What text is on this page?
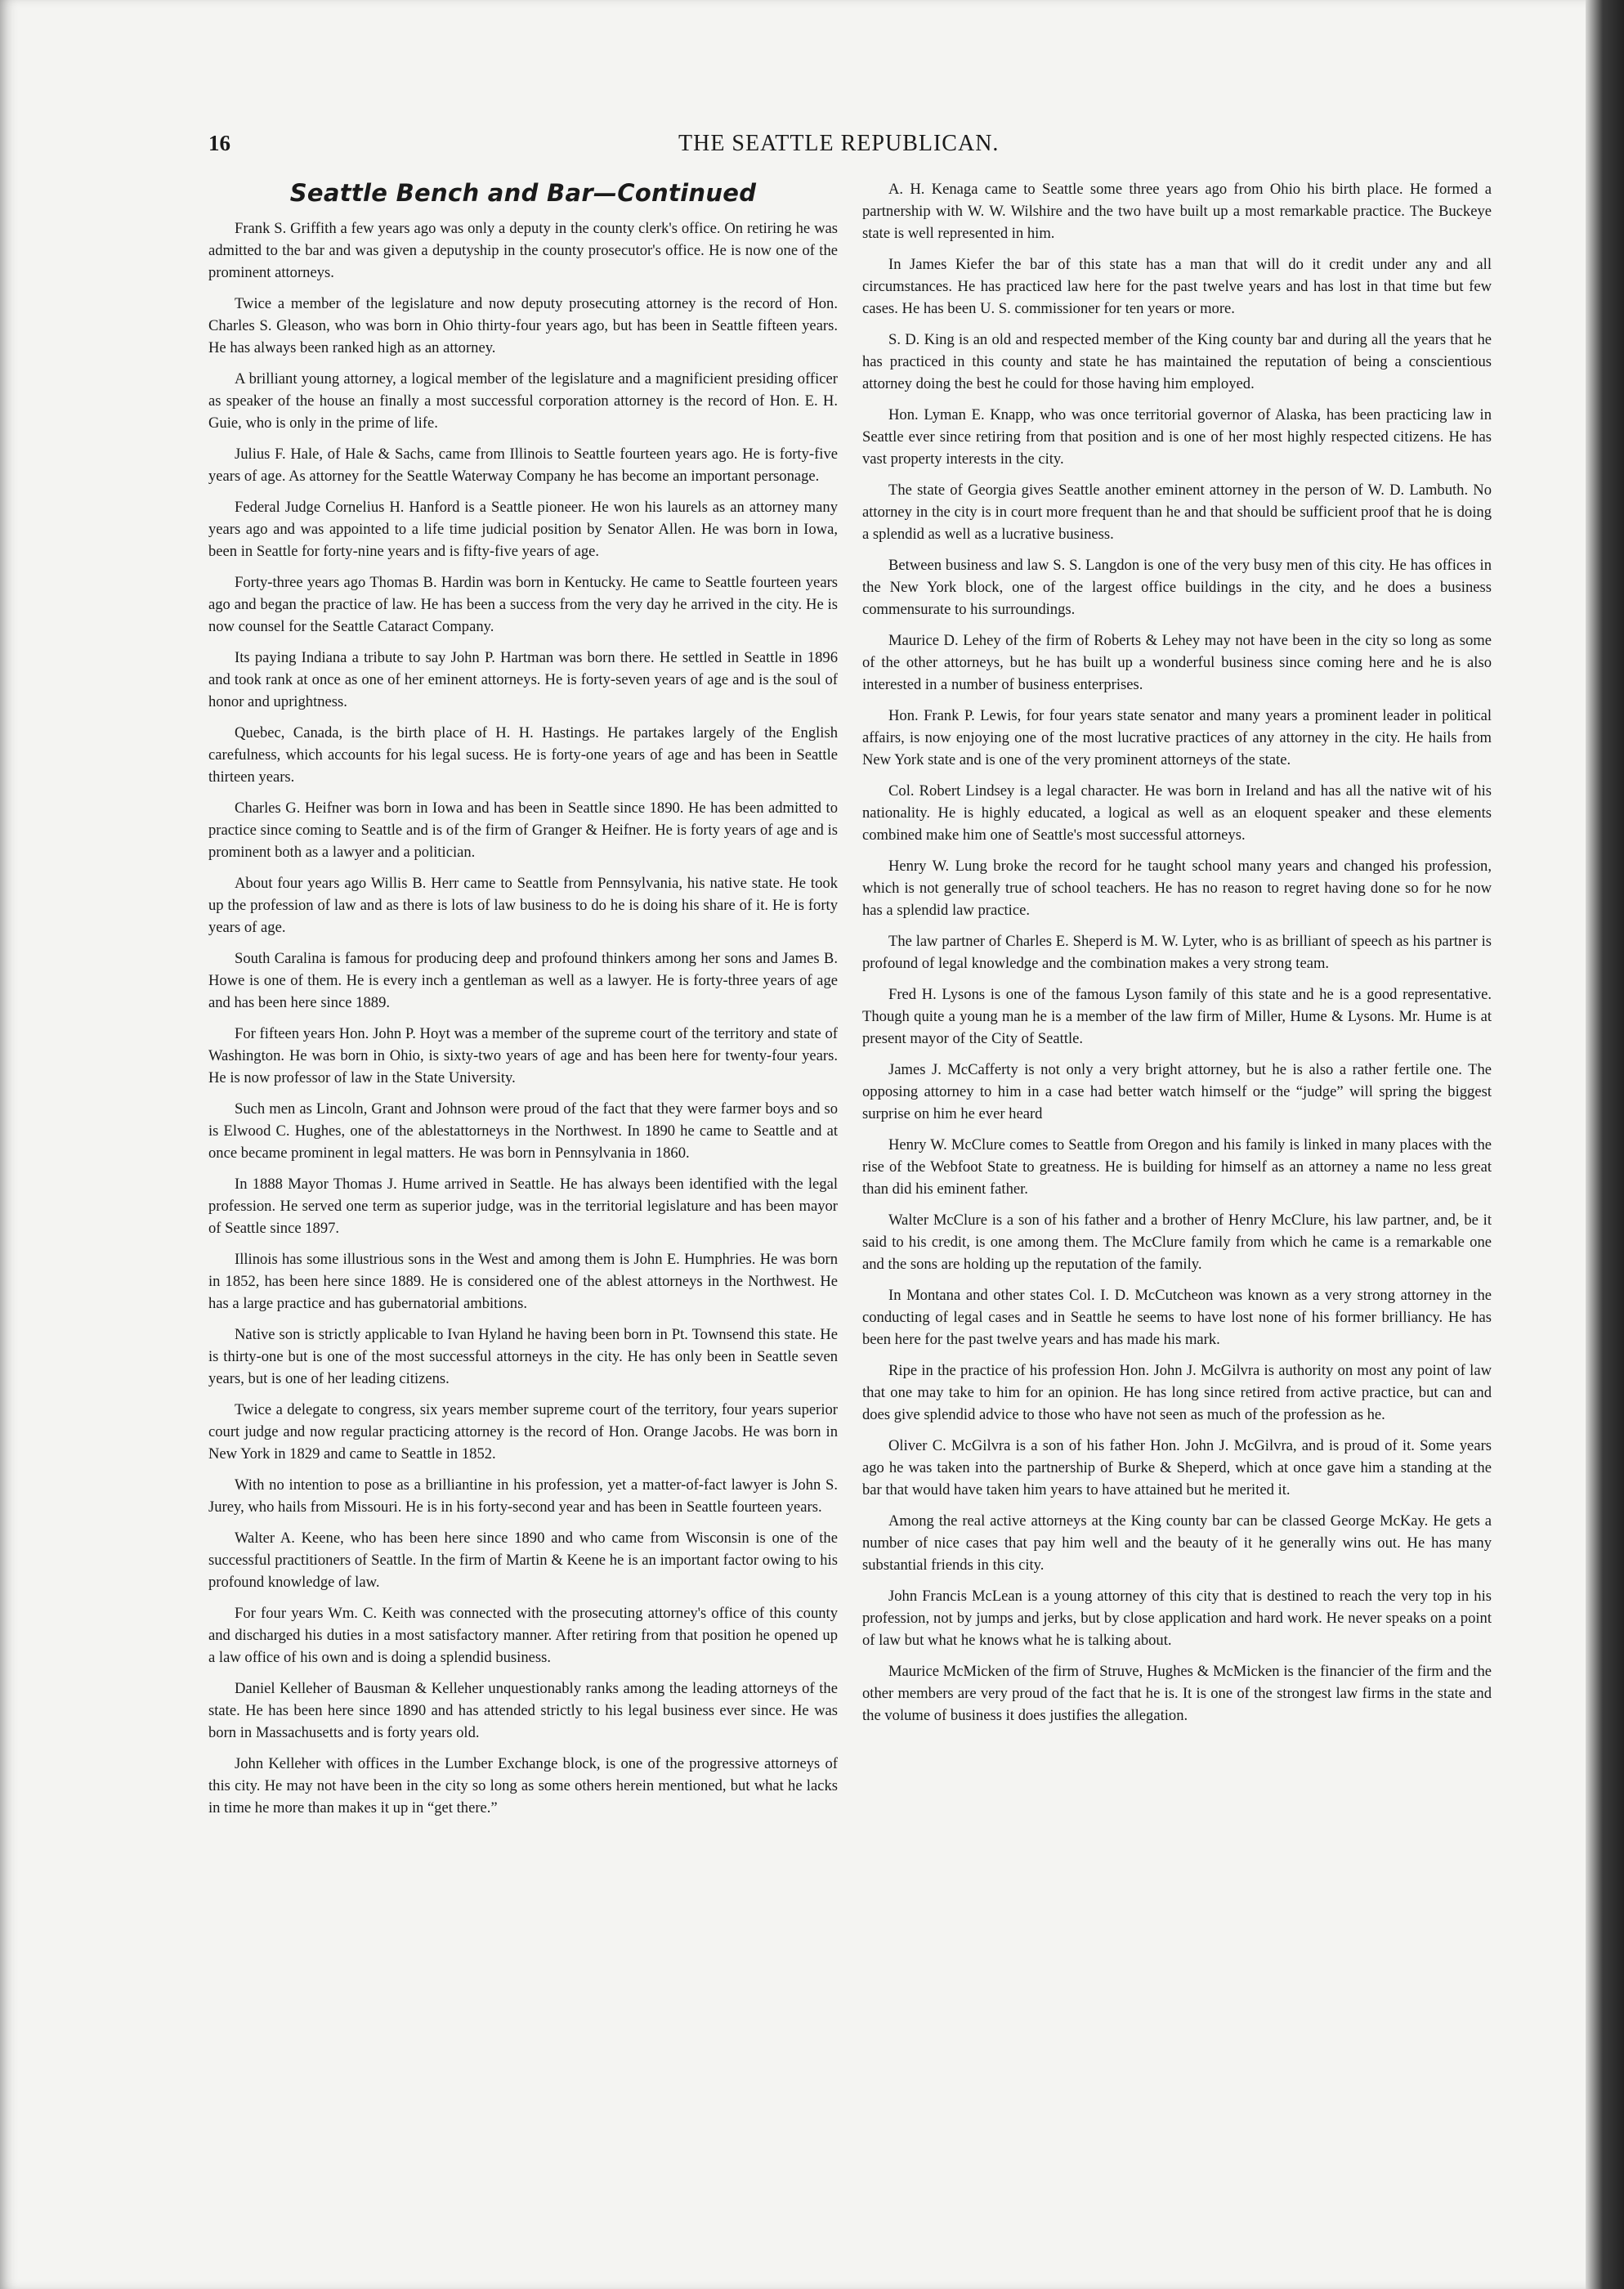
16	THE SEATTLE REPUBLICAN.
Seattle Bench and Bar—Continued

Frank S. Griffith a few years ago was only a deputy in the county clerk's office. On retiring he was admitted to the bar and was given a deputyship in the county prosecutor's office. He is now one of the prominent attorneys.

Twice a member of the legislature and now deputy prosecuting attorney is the record of Hon. Charles S. Gleason, who was born in Ohio thirty-four years ago, but has been in Seattle fifteen years. He has always been ranked high as an attorney.

A brilliant young attorney, a logical member of the legislature and a magnificient presiding officer as speaker of the house an finally a most successful corporation attorney is the record of Hon. E. H. Guie, who is only in the prime of life.

Julius F. Hale, of Hale & Sachs, came from Illinois to Seattle fourteen years ago. He is forty-five years of age. As attorney for the Seattle Waterway Company he has become an important personage.

Federal Judge Cornelius H. Hanford is a Seattle pioneer. He won his laurels as an attorney many years ago and was appointed to a life time judicial position by Senator Allen. He was born in Iowa, been in Seattle for forty-nine years and is fifty-five years of age.

Forty-three years ago Thomas B. Hardin was born in Kentucky. He came to Seattle fourteen years ago and began the practice of law. He has been a success from the very day he arrived in the city. He is now counsel for the Seattle Cataract Company.

Its paying Indiana a tribute to say John P. Hartman was born there. He settled in Seattle in 1896 and took rank at once as one of her eminent attorneys. He is forty-seven years of age and is the soul of honor and uprightness.

Quebec, Canada, is the birth place of H. H. Hastings. He partakes largely of the English carefulness, which accounts for his legal sucess. He is forty-one years of age and has been in Seattle thirteen years.

Charles G. Heifner was born in Iowa and has been in Seattle since 1890. He has been admitted to practice since coming to Seattle and is of the firm of Granger & Heifner. He is forty years of age and is prominent both as a lawyer and a politician.

About four years ago Willis B. Herr came to Seattle from Pennsylvania, his native state. He took up the profession of law and as there is lots of law business to do he is doing his share of it. He is forty years of age.

South Caralina is famous for producing deep and profound thinkers among her sons and James B. Howe is one of them. He is every inch a gentleman as well as a lawyer. He is forty-three years of age and has been here since 1889.

For fifteen years Hon. John P. Hoyt was a member of the supreme court of the territory and state of Washington. He was born in Ohio, is sixty-two years of age and has been here for twenty-four years. He is now professor of law in the State University.

Such men as Lincoln, Grant and Johnson were proud of the fact that they were farmer boys and so is Elwood C. Hughes, one of the ablestattorneys in the Northwest. In 1890 he came to Seattle and at once became prominent in legal matters. He was born in Pennsylvania in 1860.

In 1888 Mayor Thomas J. Hume arrived in Seattle. He has always been identified with the legal profession. He served one term as superior judge, was in the territorial legislature and has been mayor of Seattle since 1897.

Illinois has some illustrious sons in the West and among them is John E. Humphries. He was born in 1852, has been here since 1889. He is considered one of the ablest attorneys in the Northwest. He has a large practice and has gubernatorial ambitions.

Native son is strictly applicable to Ivan Hyland he having been born in Pt. Townsend this state. He is thirty-one but is one of the most successful attorneys in the city. He has only been in Seattle seven years, but is one of her leading citizens.

Twice a delegate to congress, six years member supreme court of the territory, four years superior court judge and now regular practicing attorney is the record of Hon. Orange Jacobs. He was born in New York in 1829 and came to Seattle in 1852.

With no intention to pose as a brilliantine in his profession, yet a matter-of-fact lawyer is John S. Jurey, who hails from Missouri. He is in his forty-second year and has been in Seattle fourteen years.

Walter A. Keene, who has been here since 1890 and who came from Wisconsin is one of the successful practitioners of Seattle. In the firm of Martin & Keene he is an important factor owing to his profound knowledge of law.

For four years Wm. C. Keith was connected with the prosecuting attorney's office of this county and discharged his duties in a most satisfactory manner. After retiring from that position he opened up a law office of his own and is doing a splendid business.

Daniel Kelleher of Bausman & Kelleher unquestionably ranks among the leading attorneys of the state. He has been here since 1890 and has attended strictly to his legal business ever since. He was born in Massachusetts and is forty years old.

John Kelleher with offices in the Lumber Exchange block, is one of the progressive attorneys of this city. He may not have been in the city so long as some others herein mentioned, but what he lacks in time he more than makes it up in “get there.”

A. H. Kenaga came to Seattle some three years ago from Ohio his birth place. He formed a partnership with W. W. Wilshire and the two have built up a most remarkable practice. The Buckeye state is well represented in him.

In James Kiefer the bar of this state has a man that will do it credit under any and all circumstances. He has practiced law here for the past twelve years and has lost in that time but few cases. He has been U. S. commissioner for ten years or more.

S. D. King is an old and respected member of the King county bar and during all the years that he has practiced in this county and state he has maintained the reputation of being a conscientious attorney doing the best he could for those having him employed.

Hon. Lyman E. Knapp, who was once territorial governor of Alaska, has been practicing law in Seattle ever since retiring from that position and is one of her most highly respected citizens. He has vast property interests in the city.

The state of Georgia gives Seattle another eminent attorney in the person of W. D. Lambuth. No attorney in the city is in court more frequent than he and that should be sufficient proof that he is doing a splendid as well as a lucrative business.

Between business and law S. S. Langdon is one of the very busy men of this city. He has offices in the New York block, one of the largest office buildings in the city, and he does a business commensurate to his surroundings.

Maurice D. Lehey of the firm of Roberts & Lehey may not have been in the city so long as some of the other attorneys, but he has built up a wonderful business since coming here and he is also interested in a number of business enterprises.

Hon. Frank P. Lewis, for four years state senator and many years a prominent leader in political affairs, is now enjoying one of the most lucrative practices of any attorney in the city. He hails from New York state and is one of the very prominent attorneys of the state.

Col. Robert Lindsey is a legal character. He was born in Ireland and has all the native wit of his nationality. He is highly educated, a logical as well as an eloquent speaker and these elements combined make him one of Seattle's most successful attorneys.

Henry W. Lung broke the record for he taught school many years and changed his profession, which is not generally true of school teachers. He has no reason to regret having done so for he now has a splendid law practice.

The law partner of Charles E. Sheperd is M. W. Lyter, who is as brilliant of speech as his partner is profound of legal knowledge and the combination makes a very strong team.

Fred H. Lysons is one of the famous Lyson family of this state and he is a good representative. Though quite a young man he is a member of the law firm of Miller, Hume & Lysons. Mr. Hume is at present mayor of the City of Seattle.

James J. McCafferty is not only a very bright attorney, but he is also a rather fertile one. The opposing attorney to him in a case had better watch himself or the “judge” will spring the biggest surprise on him he ever heard

Henry W. McClure comes to Seattle from Oregon and his family is linked in many places with the rise of the Webfoot State to greatness. He is building for himself as an attorney a name no less great than did his eminent father.

Walter McClure is a son of his father and a brother of Henry McClure, his law partner, and, be it said to his credit, is one among them. The McClure family from which he came is a remarkable one and the sons are holding up the reputation of the family.

In Montana and other states Col. I. D. McCutcheon was known as a very strong attorney in the conducting of legal cases and in Seattle he seems to have lost none of his former brilliancy. He has been here for the past twelve years and has made his mark.

Ripe in the practice of his profession Hon. John J. McGilvra is authority on most any point of law that one may take to him for an opinion. He has long since retired from active practice, but can and does give splendid advice to those who have not seen as much of the profession as he.

Oliver C. McGilvra is a son of his father Hon. John J. McGilvra, and is proud of it. Some years ago he was taken into the partnership of Burke & Sheperd, which at once gave him a standing at the bar that would have taken him years to have attained but he merited it.

Among the real active attorneys at the King county bar can be classed George McKay. He gets a number of nice cases that pay him well and the beauty of it he generally wins out. He has many substantial friends in this city.

John Francis McLean is a young attorney of this city that is destined to reach the very top in his profession, not by jumps and jerks, but by close application and hard work. He never speaks on a point of law but what he knows what he is talking about.

Maurice McMicken of the firm of Struve, Hughes & McMicken is the financier of the firm and the other members are very proud of the fact that he is. It is one of the strongest law firms in the state and the volume of business it does justifies the allegation.
